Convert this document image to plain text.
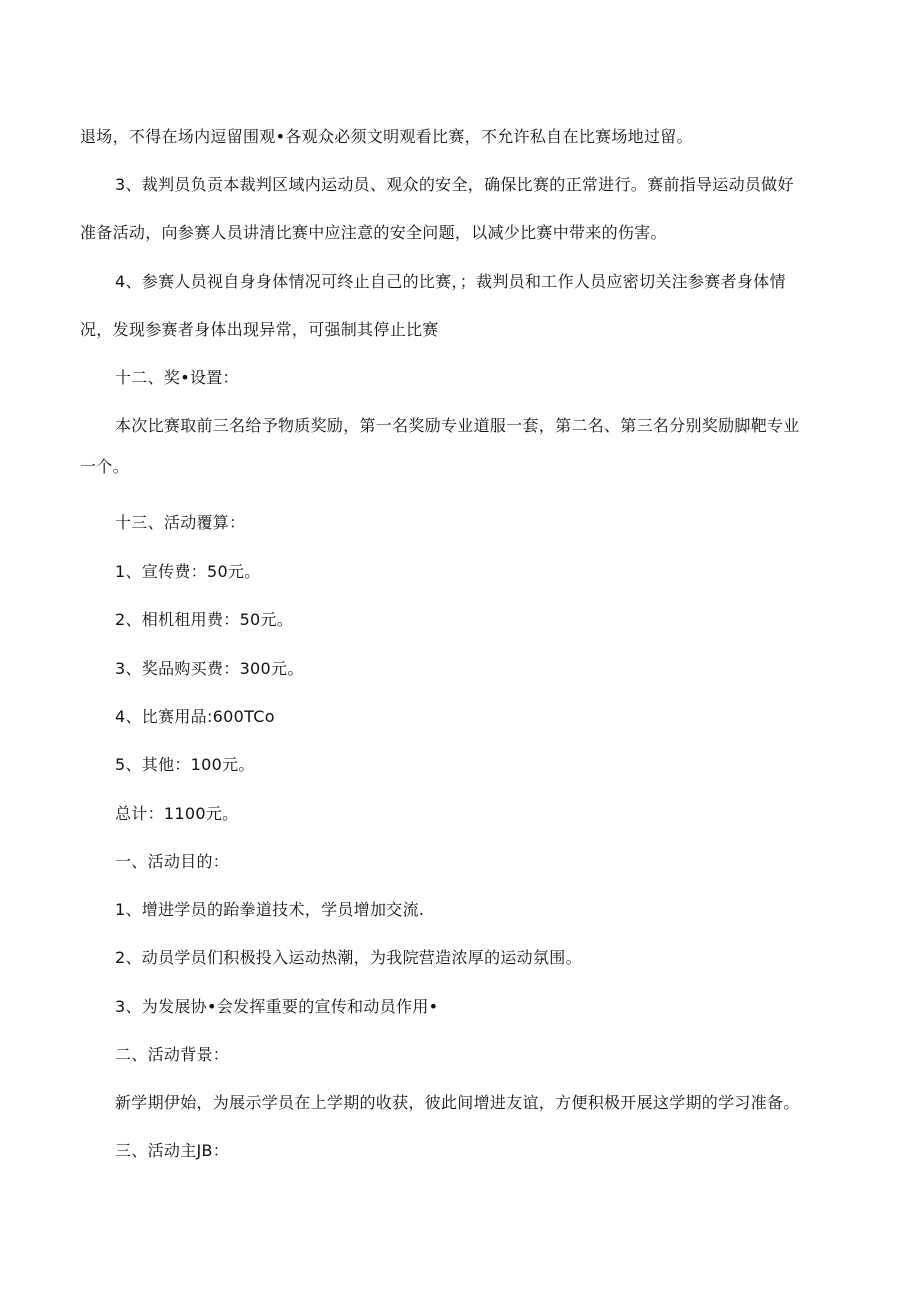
退场，不得在场内逗留围观•各观众必须文明观看比赛，不允许私自在比赛场地过留。
3、裁判员负贡本裁判区域内运动员、观众的安全，确保比赛的正常进行。赛前指导运动员做好
准备活动，向参赛人员讲清比赛中应注意的安全问题，以减少比赛中带来的伤害。
4、参赛人员视自身身体情况可终止自己的比赛，；裁判员和工作人员应密切关注参赛者身体情
况，发现参赛者身体出现异常，可强制其停止比赛
十二、奖•设置：
本次比赛取前三名给予物质奖励，第一名奖励专业道服一套，第二名、第三名分别奖励脚靶专业
一个。
十三、活动覆算：
1、宣传费：50元。
2、相机租用费：50元。
3、奖品购买费：300元。
4、比赛用品:600TCo
5、其他：100元。
总计：1100元。
一、活动目的：
1、增进学员的跆拳道技术，学员增加交流.
2、动员学员们积极投入运动热潮，为我院营造浓厚的运动氛围。
3、为发展协•会发挥重要的宣传和动员作用•
二、活动背景：
新学期伊始，为展示学员在上学期的收获，彼此间增进友谊，方便积极开展这学期的学习准备。
三、活动主JB：
